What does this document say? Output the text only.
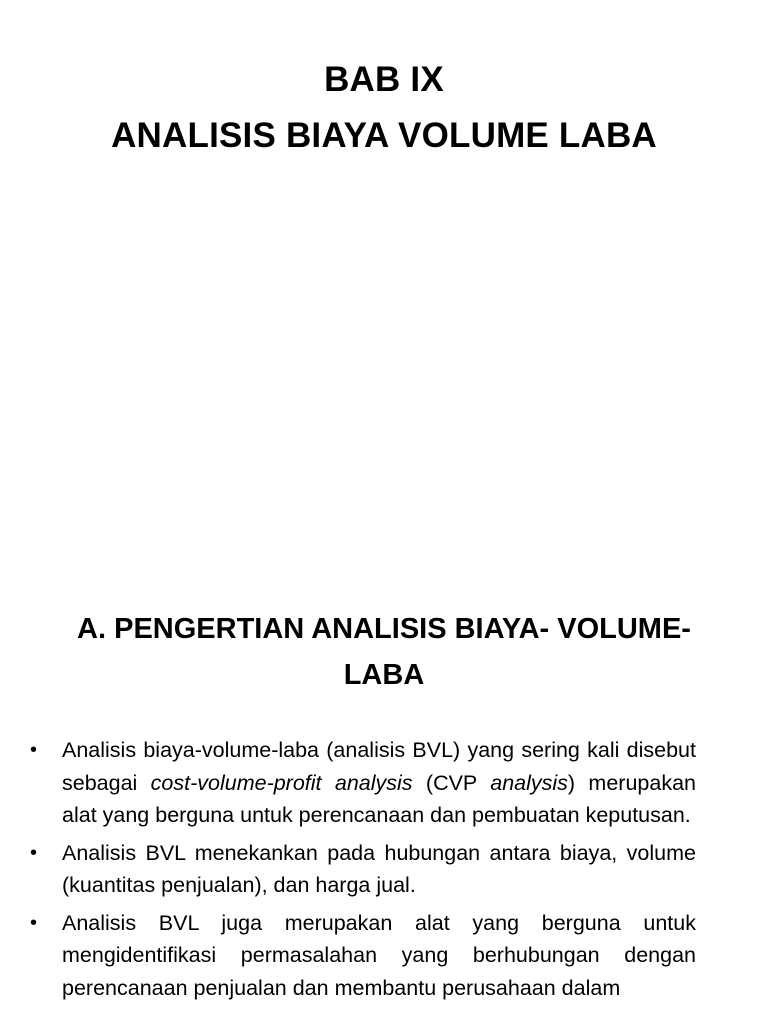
BAB IX
ANALISIS BIAYA VOLUME LABA
A. PENGERTIAN ANALISIS BIAYA- VOLUME-LABA
• Analisis biaya-volume-laba (analisis BVL) yang sering kali disebut sebagai cost-volume-profit analysis (CVP analysis) merupakan alat yang berguna untuk perencanaan dan pembuatan keputusan.
• Analisis BVL menekankan pada hubungan antara biaya, volume (kuantitas penjualan), dan harga jual.
• Analisis BVL juga merupakan alat yang berguna untuk mengidentifikasi permasalahan yang berhubungan dengan perencanaan penjualan dan membantu perusahaan dalam
